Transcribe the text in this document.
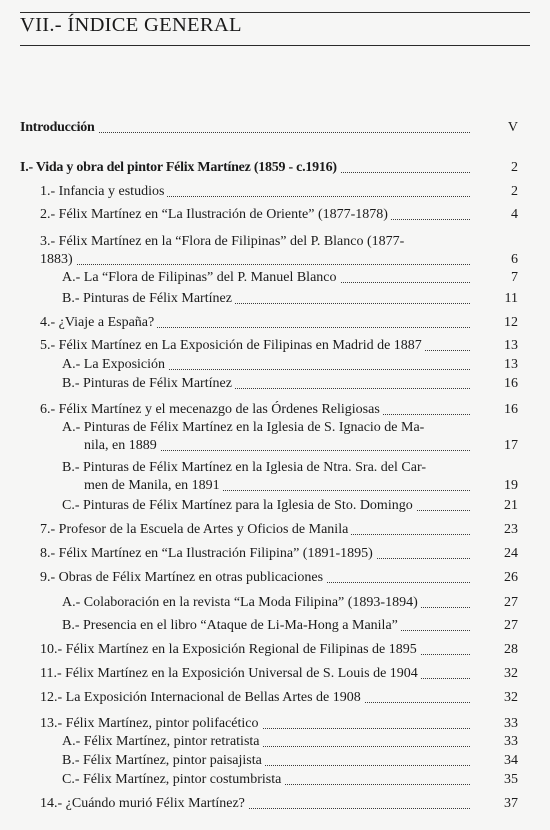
VII.- ÍNDICE GENERAL
Introducción	V
I.- Vida y obra del pintor Félix Martínez (1859 - c.1916)	2
1.- Infancia y estudios	2
2.- Félix Martínez en “La Ilustración de Oriente” (1877-1878)	4
3.- Félix Martínez en la “Flora de Filipinas” del P. Blanco (1877-
1883)	6
A.- La “Flora de Filipinas” del P. Manuel Blanco	7
B.- Pinturas de Félix Martínez	11
4.- ¿Viaje a España?	12
5.- Félix Martínez en La Exposición de Filipinas en Madrid de 1887	13
A.- La Exposición	13
B.- Pinturas de Félix Martínez	16
6.- Félix Martínez y el mecenazgo de las Órdenes Religiosas	16
A.- Pinturas de Félix Martínez en la Iglesia de S. Ignacio de Ma-
nila, en 1889	17
B.- Pinturas de Félix Martínez en la Iglesia de Ntra. Sra. del Car-
men de Manila, en 1891	19
C.- Pinturas de Félix Martínez para la Iglesia de Sto. Domingo	21
7.- Profesor de la Escuela de Artes y Oficios de Manila	23
8.- Félix Martínez en “La Ilustración Filipina” (1891-1895)	24
9.- Obras de Félix Martínez en otras publicaciones	26
A.- Colaboración en la revista “La Moda Filipina” (1893-1894)	27
B.- Presencia en el libro “Ataque de Li-Ma-Hong a Manila”	27
10.- Félix Martínez en la Exposición Regional de Filipinas de 1895	28
11.- Félix Martínez en la Exposición Universal de S. Louis de 1904	32
12.- La Exposición Internacional de Bellas Artes de 1908	32
13.- Félix Martínez, pintor polifacético	33
A.- Félix Martínez, pintor retratista	33
B.- Félix Martínez, pintor paisajista	34
C.- Félix Martínez, pintor costumbrista	35
14.- ¿Cuándo murió Félix Martínez?	37
